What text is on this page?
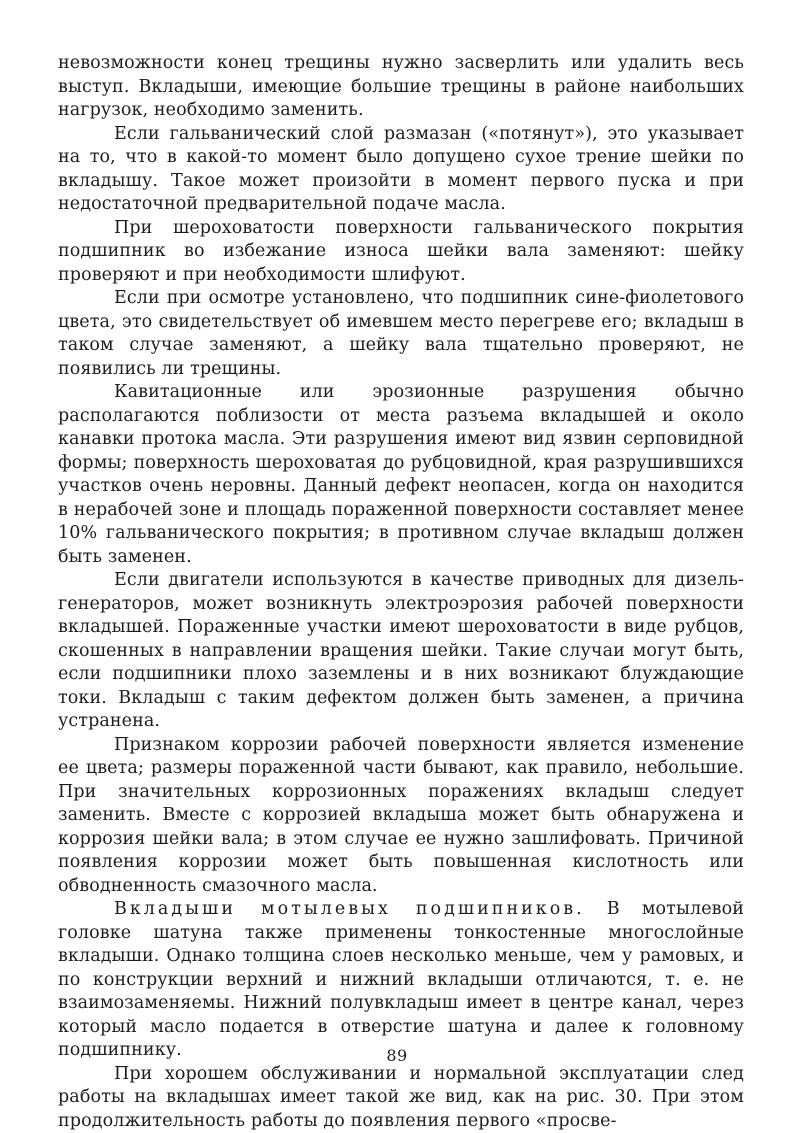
невозможности конец трещины нужно засверлить или удалить весь выступ. Вкладыши, имеющие большие трещины в районе наибольших нагрузок, необходимо заменить.

Если гальванический слой размазан («потянут»), это указывает на то, что в какой-то момент было допущено сухое трение шейки по вкладышу. Такое может произойти в момент первого пуска и при недостаточной предварительной подаче масла.

При шероховатости поверхности гальванического покрытия подшипник во избежание износа шейки вала заменяют: шейку проверяют и при необходимости шлифуют.

Если при осмотре установлено, что подшипник сине-фиолетового цвета, это свидетельствует об имевшем место перегреве его; вкладыш в таком случае заменяют, а шейку вала тщательно проверяют, не появились ли трещины.

Кавитационные или эрозионные разрушения обычно располагаются поблизости от места разъема вкладышей и около канавки протока масла. Эти разрушения имеют вид язвин серповидной формы; поверхность шероховатая до рубцовидной, края разрушившихся участков очень неровны. Данный дефект неопасен, когда он находится в нерабочей зоне и площадь пораженной поверхности составляет менее 10% гальванического покрытия; в противном случае вкладыш должен быть заменен.

Если двигатели используются в качестве приводных для дизель-генераторов, может возникнуть электроэрозия рабочей поверхности вкладышей. Пораженные участки имеют шероховатости в виде рубцов, скошенных в направлении вращения шейки. Такие случаи могут быть, если подшипники плохо заземлены и в них возникают блуждающие токи. Вкладыш с таким дефектом должен быть заменен, а причина устранена.

Признаком коррозии рабочей поверхности является изменение ее цвета; размеры пораженной части бывают, как правило, небольшие. При значительных коррозионных поражениях вкладыш следует заменить. Вместе с коррозией вкладыша может быть обнаружена и коррозия шейки вала; в этом случае ее нужно зашлифовать. Причиной появления коррозии может быть повышенная кислотность или обводненность смазочного масла.

Вкладыши мотылевых подшипников. В мотылевой головке шатуна также применены тонкостенные многослойные вкладыши. Однако толщина слоев несколько меньше, чем у рамовых, и по конструкции верхний и нижний вкладыши отличаются, т. е. не взаимозаменяемы. Нижний полувкладыш имеет в центре канал, через который масло подается в отверстие шатуна и далее к головному подшипнику.

При хорошем обслуживании и нормальной эксплуатации след работы на вкладышах имеет такой же вид, как на рис. 30. При этом продолжительность работы до появления первого «просве-

89
